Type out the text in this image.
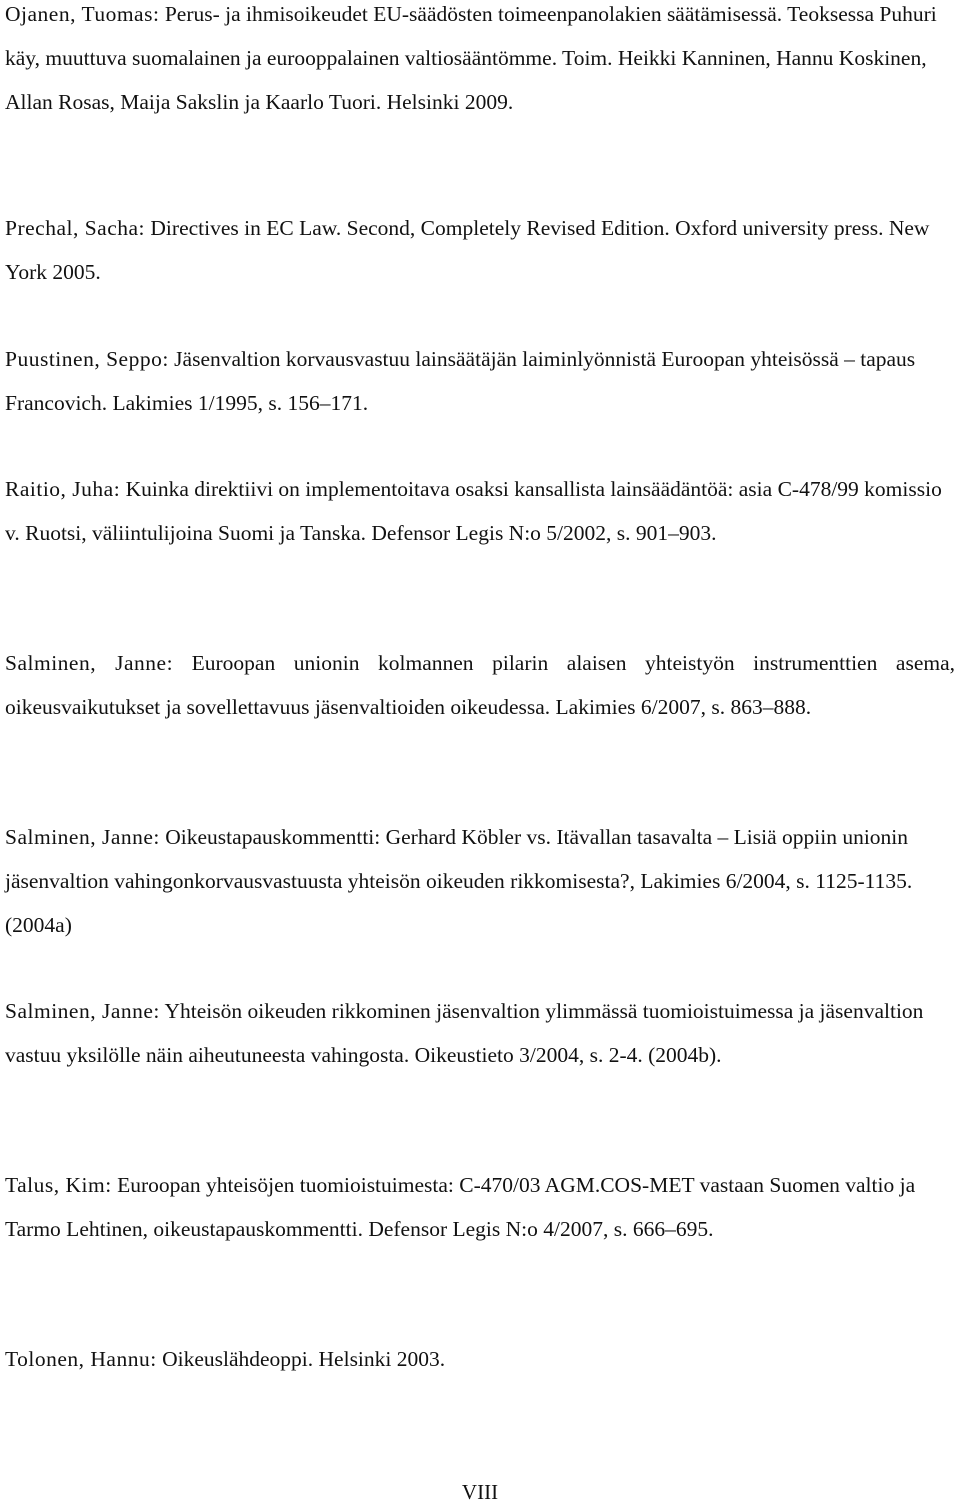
Ojanen, Tuomas: Perus- ja ihmisoikeudet EU-säädösten toimeenpanolakien säätämisessä. Teoksessa Puhuri käy, muuttuva suomalainen ja eurooppalainen valtiosääntömme. Toim. Heikki Kanninen, Hannu Koskinen, Allan Rosas, Maija Sakslin ja Kaarlo Tuori. Helsinki 2009.

Prechal, Sacha: Directives in EC Law. Second, Completely Revised Edition. Oxford university press. New York 2005.

Puustinen, Seppo: Jäsenvaltion korvausvastuu lainsäätäjän laiminlyönnistä Euroopan yhteisössä – tapaus Francovich. Lakimies 1/1995, s. 156–171.

Raitio, Juha: Kuinka direktiivi on implementoitava osaksi kansallista lainsäädäntöä: asia C-478/99 komissio v. Ruotsi, väliintulijoina Suomi ja Tanska. Defensor Legis N:o 5/2002, s. 901–903.

Salminen, Janne: Euroopan unionin kolmannen pilarin alaisen yhteistyön instrumenttien asema, oikeusvaikutukset ja sovellettavuus jäsenvaltioiden oikeudessa. Lakimies 6/2007, s. 863–888.

Salminen, Janne: Oikeustapauskommentti: Gerhard Köbler vs. Itävallan tasavalta – Lisiä oppiin unionin jäsenvaltion vahingonkorvausvastuusta yhteisön oikeuden rikkomisesta?, Lakimies 6/2004, s. 1125-1135. (2004a)

Salminen, Janne: Yhteisön oikeuden rikkominen jäsenvaltion ylimmässä tuomioistuimessa ja jäsenvaltion vastuu yksilölle näin aiheutuneesta vahingosta. Oikeustieto 3/2004, s. 2-4. (2004b).

Talus, Kim: Euroopan yhteisöjen tuomioistuimesta: C-470/03 AGM.COS-MET vastaan Suomen valtio ja Tarmo Lehtinen, oikeustapauskommentti. Defensor Legis N:o 4/2007, s. 666–695.

Tolonen, Hannu: Oikeuslähdeoppi. Helsinki 2003.

VIII
